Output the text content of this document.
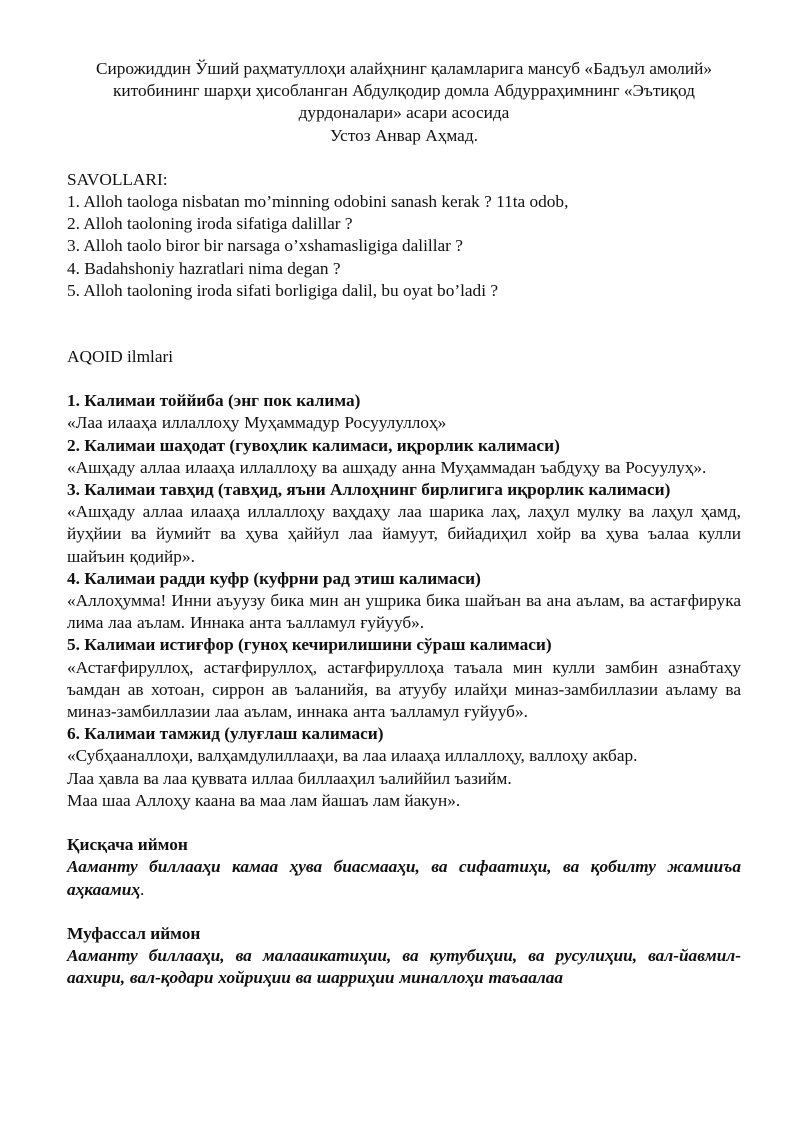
Сирожиддин Ўший раҳматуллоҳи алайҳнинг қаламларига мансуб «Бадъул амолий»
китобининг шарҳи ҳисобланган Абдулқодир домла Абдурраҳимнинг «Эътиқод
дурдоналари» асари асосида
Устоз Анвар Аҳмад.
SAVOLLARI:
1. Alloh taologa nisbatan mo’minning odobini sanash kerak ? 11ta odob,
2. Alloh taoloning iroda sifatiga dalillar ?
3. Alloh taolo biror bir narsaga o’xshamasligiga dalillar ?
4. Badahshoniy hazratlari nima degan ?
5. Alloh taoloning iroda sifati borligiga dalil, bu oyat bo’ladi ?
AQOID ilmlari
1. Калимаи тоййиба (энг пок калима)
«Лаа илааҳа иллаллоҳу Муҳаммадур Росуулуллоҳ»
2. Калимаи шаҳодат (гувоҳлик калимаси, иқрорлик калимаси)
«Ашҳаду аллаа илааҳа иллаллоҳу ва ашҳаду анна Муҳаммадан ъабдуҳу ва Росуулуҳ».
3. Калимаи тавҳид (тавҳид, яъни Аллоҳнинг бирлигига иқрорлик калимаси)
«Ашҳаду аллаа илааҳа иллаллоҳу ваҳдаҳу лаа шарика лаҳ, лаҳул мулку ва лаҳул ҳамд, йуҳйии ва йумийт ва ҳува ҳаййул лаа йамуут, бийадиҳил хойр ва ҳува ъалаа кулли шайъин қодийр».
4. Калимаи радди куфр (куфрни рад этиш калимаси)
«Аллоҳумма! Инни аъуузу бика мин ан ушрика бика шайъан ва ана аълам, ва астағфирука лима лаа аълам. Иннака анта ъалламул ғуйууб».
5. Калимаи истиғфор (гуноҳ кечирилишини сўраш калимаси)
«Астағфируллоҳ, астағфируллоҳ, астағфируллоҳа таъала мин кулли замбин азнабтаҳу ъамдан ав хотоан, сиррон ав ъаланийя, ва атуубу илайҳи миназ-замбиллазии аъламу ва миназ-замбиллазии лаа аълам, иннака анта ъалламул ғуйууб».
6. Калимаи тамжид (улуғлаш калимаси)
«Субҳааналлоҳи, валҳамдулиллааҳи, ва лаа илааҳа иллаллоҳу, валлоҳу акбар.
Лаа ҳавла ва лаа қуввата иллаа биллааҳил ъалиййил ъазийм.
Маа шаа Аллоҳу каана ва маа лам йашаъ лам йакун».
Қисқача иймон
Ааманту биллааҳи камаа ҳува биасмааҳи, ва сифаатиҳи, ва қобилту жамииъа аҳкаамиҳ.
Муфассал иймон
Ааманту биллааҳи, ва малааикатиҳии, ва кутубиҳии, ва русулиҳии, вал-йавмил-аахири, вал-қодари хойриҳии ва шарриҳии миналлоҳи таъаалаа
